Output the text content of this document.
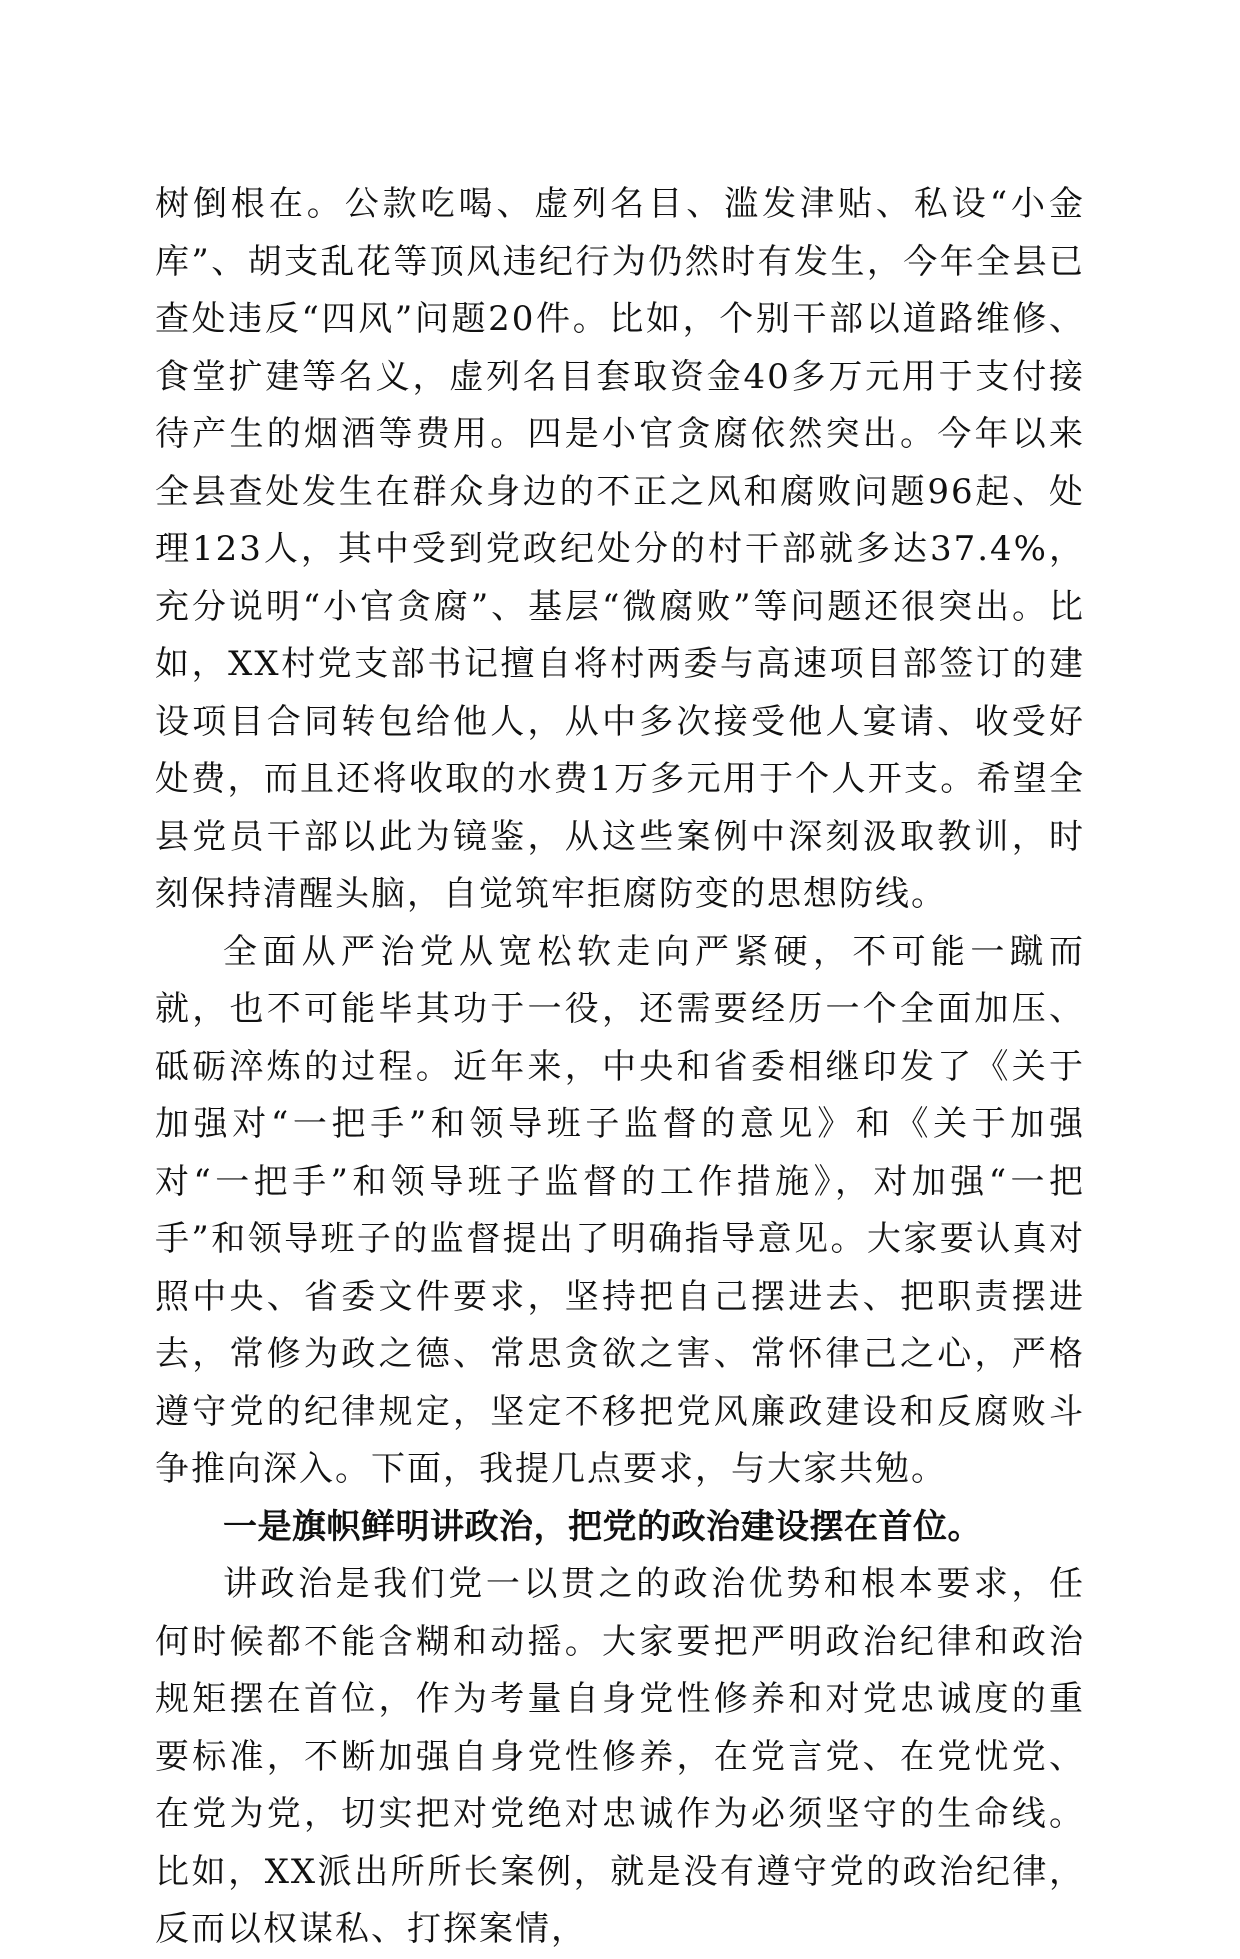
树倒根在。公款吃喝、虚列名目、滥发津贴、私设“小金库”、胡支乱花等顶风违纪行为仍然时有发生，今年全县已查处违反“四风”问题20件。比如，个别干部以道路维修、食堂扩建等名义，虚列名目套取资金40多万元用于支付接待产生的烟酒等费用。四是小官贪腐依然突出。今年以来全县查处发生在群众身边的不正之风和腐败问题96起、处理123人，其中受到党政纪处分的村干部就多达37.4%，充分说明“小官贪腐”、基层“微腐败”等问题还很突出。比如，XX村党支部书记擅自将村两委与高速项目部签订的建设项目合同转包给他人，从中多次接受他人宴请、收受好处费，而且还将收取的水费1万多元用于个人开支。希望全县党员干部以此为镜鉴，从这些案例中深刻汲取教训，时刻保持清醒头脑，自觉筑牢拒腐防变的思想防线。

全面从严治党从宽松软走向严紧硬，不可能一蹴而就，也不可能毕其功于一役，还需要经历一个全面加压、砥砺淬炼的过程。近年来，中央和省委相继印发了《关于加强对“一把手”和领导班子监督的意见》和《关于加强对“一把手”和领导班子监督的工作措施》，对加强“一把手”和领导班子的监督提出了明确指导意见。大家要认真对照中央、省委文件要求，坚持把自己摆进去、把职责摆进去，常修为政之德、常思贪欲之害、常怀律己之心，严格遵守党的纪律规定，坚定不移把党风廉政建设和反腐败斗争推向深入。下面，我提几点要求，与大家共勉。

一是旗帜鲜明讲政治，把党的政治建设摆在首位。

讲政治是我们党一以贯之的政治优势和根本要求，任何时候都不能含糊和动摇。大家要把严明政治纪律和政治规矩摆在首位，作为考量自身党性修养和对党忠诚度的重要标准，不断加强自身党性修养，在党言党、在党忧党、在党为党，切实把对党绝对忠诚作为必须坚守的生命线。比如，XX派出所所长案例，就是没有遵守党的政治纪律，反而以权谋私、打探案情，
